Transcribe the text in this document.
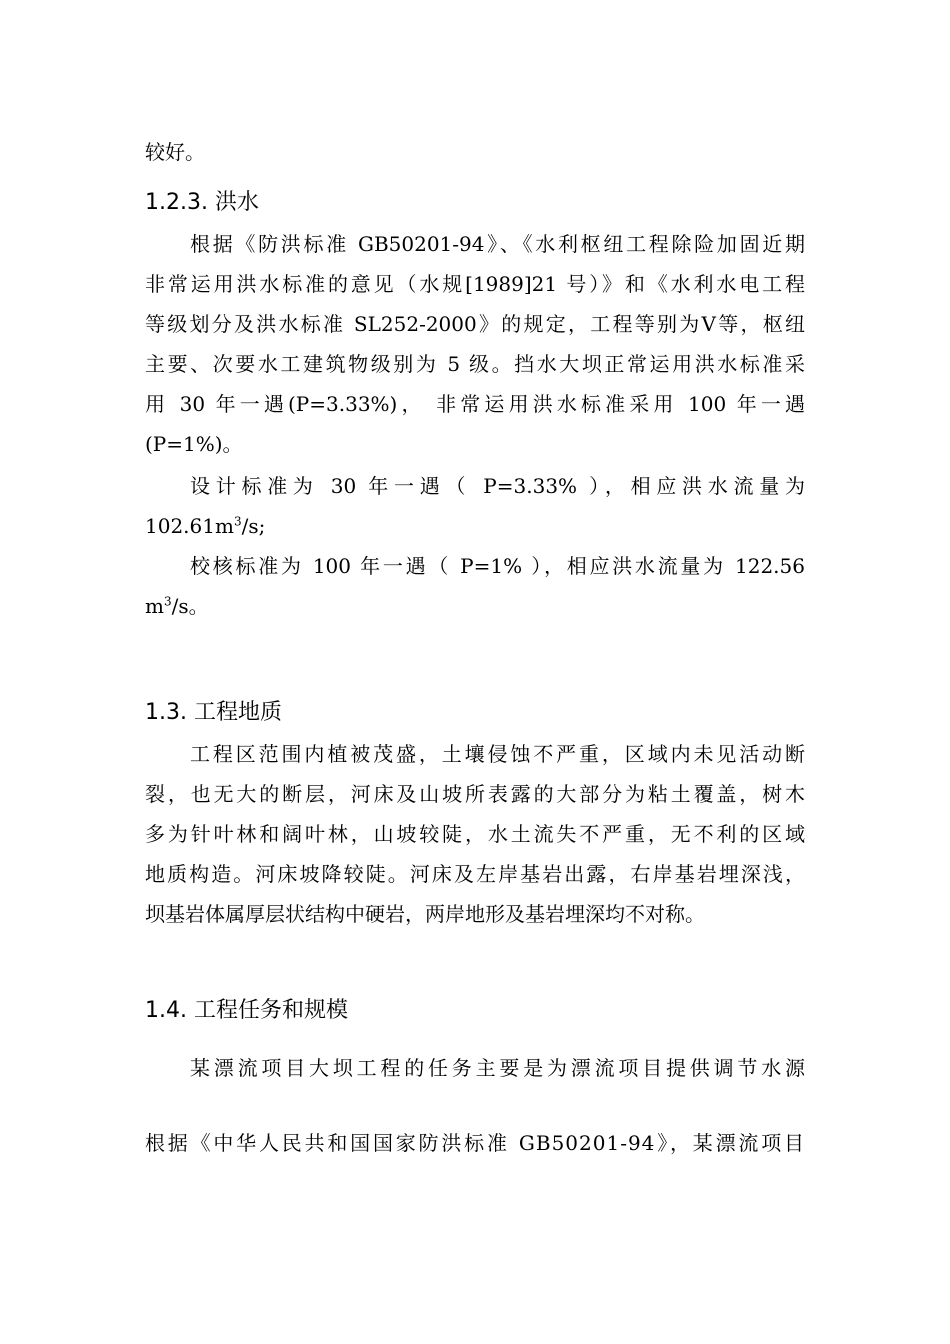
较好。
1.2.3. 洪水
根据《防洪标准 GB50201-94》、《水利枢纽工程除险加固近期
非常运用洪水标准的意见（水规[1989]21 号）》和《水利水电工程
等级划分及洪水标准 SL252-2000》的规定，工程等别为Ⅴ等，枢纽
主要、次要水工建筑物级别为 5 级。挡水大坝正常运用洪水标准采
用 30 年一遇(P=3.33%)， 非常运用洪水标准采用 100 年一遇
(P=1%)。
设计标准为 30 年一遇（ P=3.33% ），相应洪水流量为
$102.61m^3/s$;
校核标准为 100 年一遇（ P=1% ），相应洪水流量为 122.56
$m^3/s$。
1.3. 工程地质
工程区范围内植被茂盛，土壤侵蚀不严重，区域内未见活动断
裂，也无大的断层，河床及山坡所表露的大部分为粘土覆盖，树木
多为针叶林和阔叶林，山坡较陡，水土流失不严重，无不利的区域
地质构造。河床坡降较陡。河床及左岸基岩出露，右岸基岩埋深浅，
坝基岩体属厚层状结构中硬岩，两岸地形及基岩埋深均不对称。
1.4. 工程任务和规模
某漂流项目大坝工程的任务主要是为漂流项目提供调节水源
根据《中华人民共和国国家防洪标准 GB50201-94》，某漂流项目
